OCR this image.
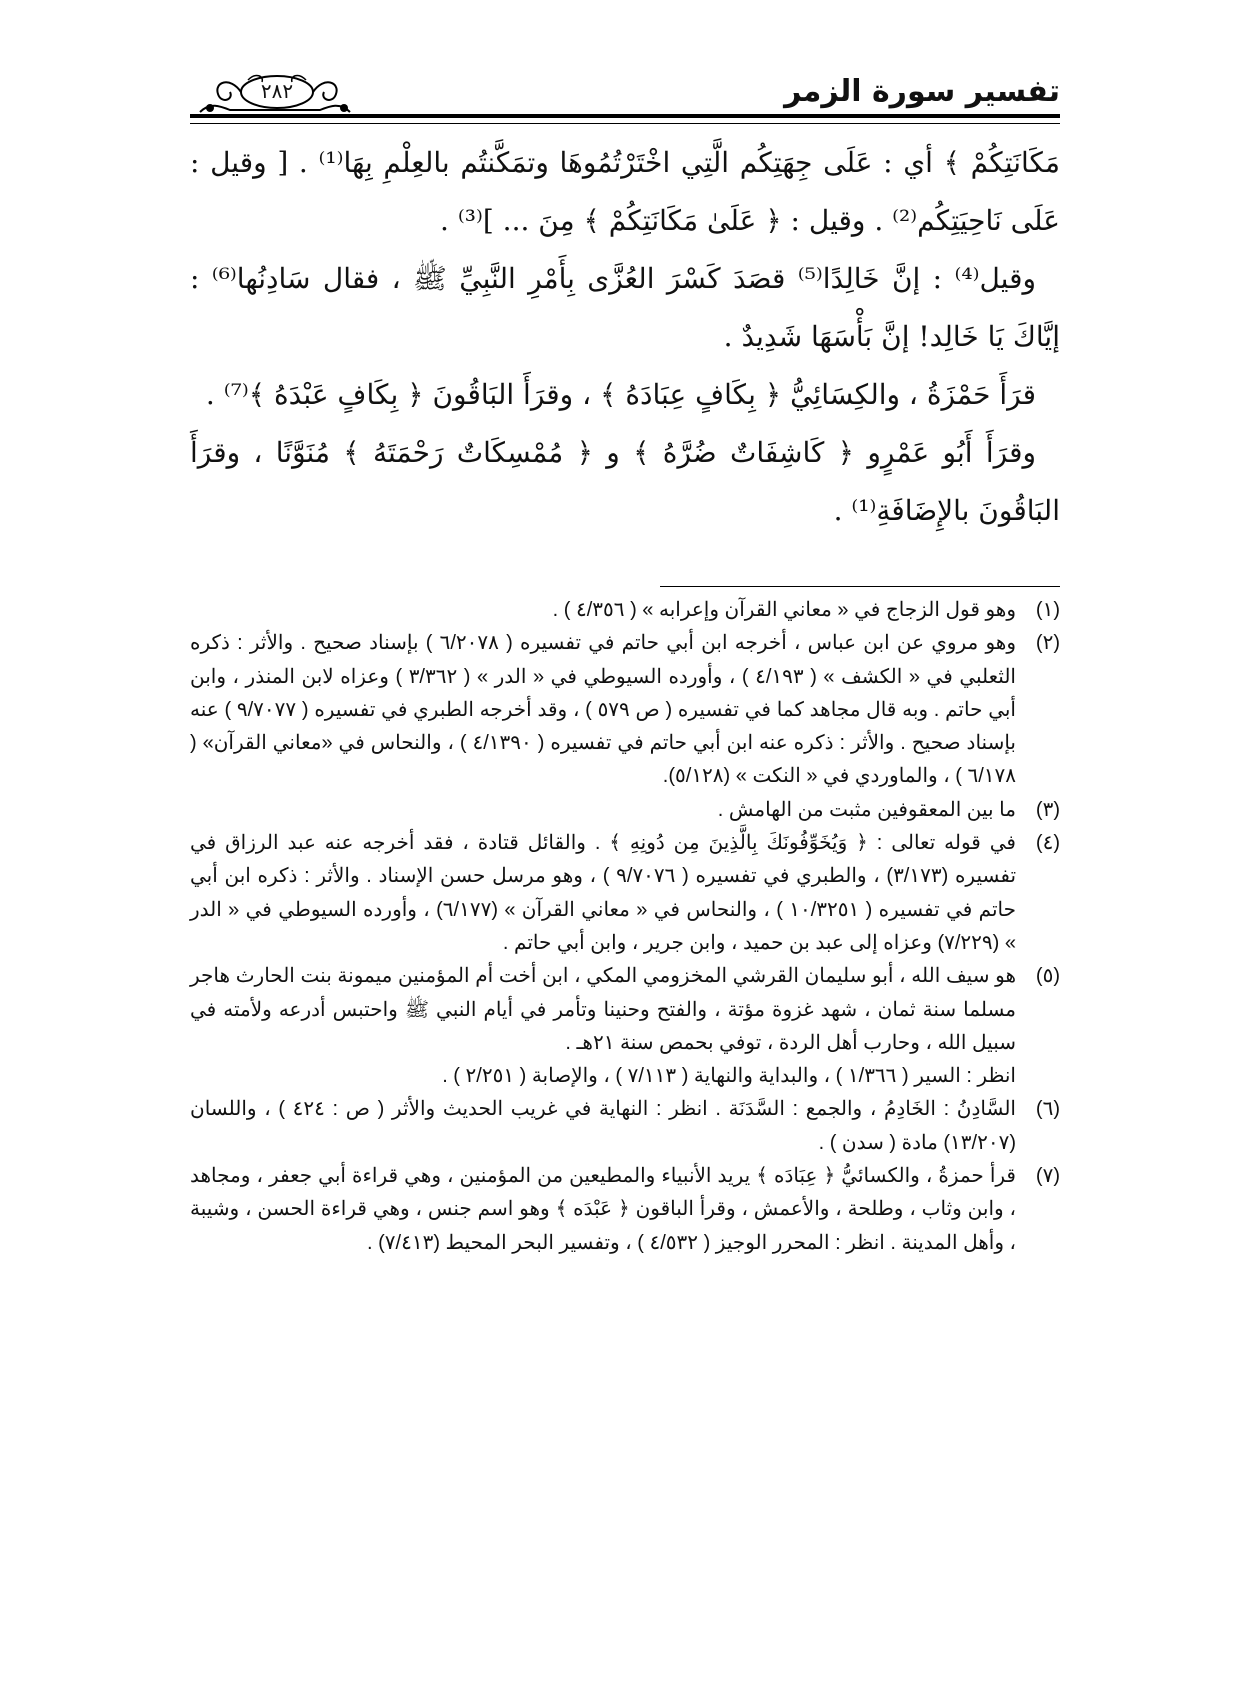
تفسير سورة الزمر
٢٨٢

مَكَانَتِكُمْ ﴾ أي : عَلَى جِهَتِكُم الَّتِي اخْتَرْتُمُوهَا وتمَكَّنتُم بالعِلْمِ بِهَا⁽¹⁾ . [ وقيل : عَلَى نَاحِيَتِكُم⁽²⁾ . وقيل : ﴿ عَلَىٰ مَكَانَتِكُمْ ﴾ مِنَ ... ]⁽³⁾ .

وقيل⁽⁴⁾ : إنَّ خَالِدًا⁽⁵⁾ قصَدَ كَسْرَ العُزَّى بِأَمْرِ النَّبِيِّ ﷺ ، فقال سَادِنُها⁽⁶⁾ : إيَّاكَ يَا خَالِد! إنَّ بَأْسَهَا شَدِيدٌ .

قرَأَ حَمْزَةُ ، والكِسَائِيُّ ﴿ بِكَافٍ عِبَادَهُ ﴾ ، وقرَأَ البَاقُونَ ﴿ بِكَافٍ عَبْدَهُ ﴾⁽⁷⁾ .

وقرَأَ أَبُو عَمْرٍو ﴿ كَاشِفَاتٌ ضُرَّهُ ﴾ و ﴿ مُمْسِكَاتٌ رَحْمَتَهُ ﴾ مُنَوَّنًا ، وقرَأَ البَاقُونَ بالإِضَافَةِ⁽¹⁾ .

(١)
وهو قول الزجاج في « معاني القرآن وإعرابه » ( ٤/٣٥٦ ) .
(٢)
وهو مروي عن ابن عباس ، أخرجه ابن أبي حاتم في تفسيره ( ٦/٢٠٧٨ ) بإسناد صحيح . والأثر : ذكره الثعلبي في « الكشف » ( ٤/١٩٣ ) ، وأورده السيوطي في « الدر » ( ٣/٣٦٢ ) وعزاه لابن المنذر ، وابن أبي حاتم . وبه قال مجاهد كما في تفسيره ( ص ٥٧٩ ) ، وقد أخرجه الطبري في تفسيره ( ٩/٧٠٧٧ ) عنه بإسناد صحيح . والأثر : ذكره عنه ابن أبي حاتم في تفسيره ( ٤/١٣٩٠ ) ، والنحاس في «معاني القرآن» ( ٦/١٧٨ ) ، والماوردي في « النكت » (٥/١٢٨).
(٣)
ما بين المعقوفين مثبت من الهامش .
(٤)
في قوله تعالى : ﴿ وَيُخَوِّفُونَكَ بِالَّذِينَ مِن دُونِهِ ﴾ . والقائل قتادة ، فقد أخرجه عنه عبد الرزاق في تفسيره (٣/١٧٣) ، والطبري في تفسيره ( ٩/٧٠٧٦ ) ، وهو مرسل حسن الإسناد . والأثر : ذكره ابن أبي حاتم في تفسيره ( ١٠/٣٢٥١ ) ، والنحاس في « معاني القرآن » (٦/١٧٧) ، وأورده السيوطي في « الدر » (٧/٢٢٩) وعزاه إلى عبد بن حميد ، وابن جرير ، وابن أبي حاتم .
(٥)
هو سيف الله ، أبو سليمان القرشي المخزومي المكي ، ابن أخت أم المؤمنين ميمونة بنت الحارث هاجر مسلما سنة ثمان ، شهد غزوة مؤتة ، والفتح وحنينا وتأمر في أيام النبي ﷺ واحتبس أدرعه ولأمته في سبيل الله ، وحارب أهل الردة ، توفي بحمص سنة ٢١هـ .
انظر : السير ( ١/٣٦٦ ) ، والبداية والنهاية ( ٧/١١٣ ) ، والإصابة ( ٢/٢٥١ ) .
(٦)
السَّادِنُ : الخَادِمُ ، والجمع : السَّدَنَة . انظر : النهاية في غريب الحديث والأثر ( ص : ٤٢٤ ) ، واللسان (١٣/٢٠٧) مادة ( سدن ) .
(٧)
قرأ حمزةُ ، والكسائيُّ ﴿ عِبَادَه ﴾ يريد الأنبياء والمطيعين من المؤمنين ، وهي قراءة أبي جعفر ، ومجاهد ، وابن وثاب ، وطلحة ، والأعمش ، وقرأ الباقون ﴿ عَبْدَه ﴾ وهو اسم جنس ، وهي قراءة الحسن ، وشيبة ، وأهل المدينة . انظر : المحرر الوجيز ( ٤/٥٣٢ ) ، وتفسير البحر المحيط (٧/٤١٣) .
